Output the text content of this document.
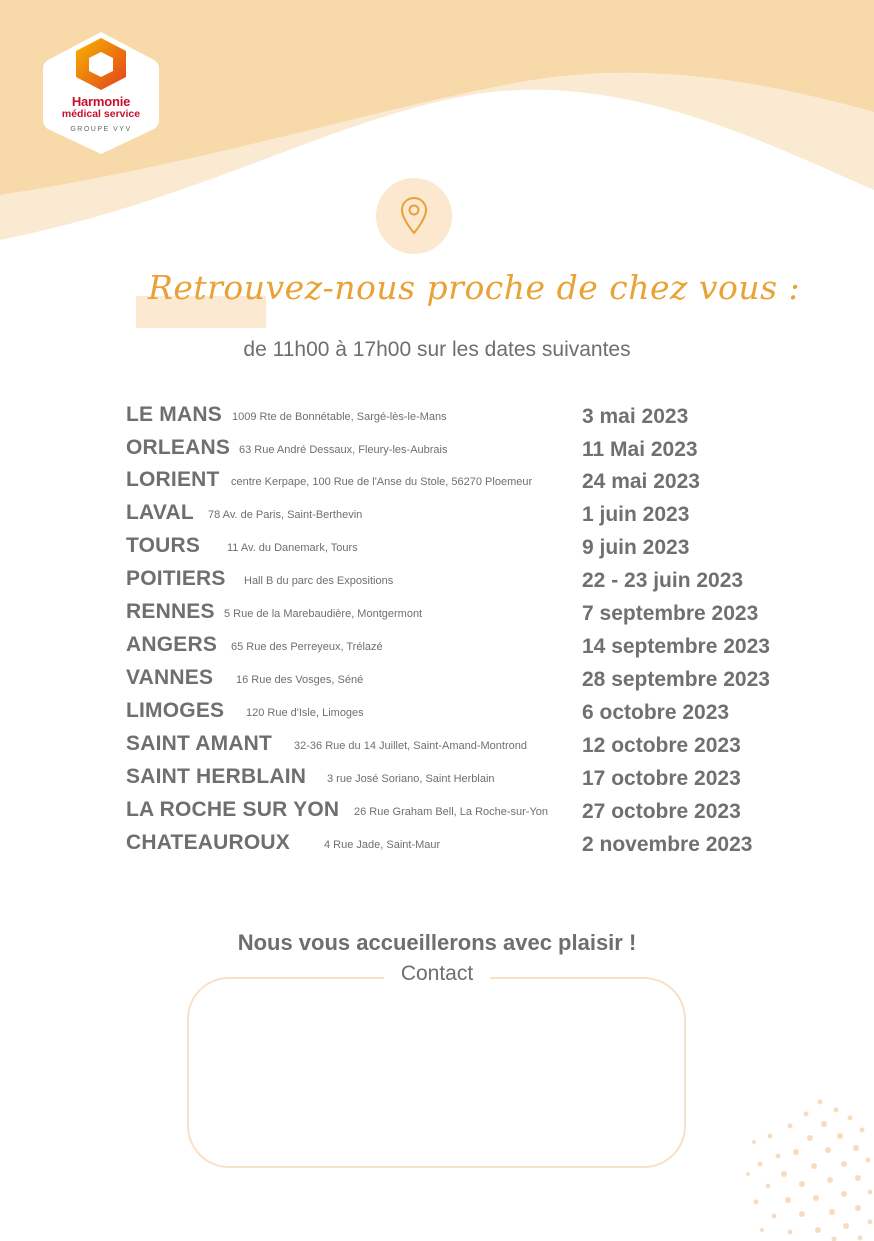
Harmonie
médical service
GROUPE VYV
Retrouvez-nous proche de chez vous :
de 11h00 à 17h00 sur les dates suivantes
LE MANS 1009 Rte de Bonnétable, Sargé-lès-le-Mans	3 mai 2023
ORLEANS 63 Rue André Dessaux, Fleury-les-Aubrais	11 Mai 2023
LORIENT centre Kerpape, 100 Rue de l'Anse du Stole, 56270 Ploemeur 24 mai 2023
LAVAL 78 Av. de Paris, Saint-Berthevin	1 juin 2023
TOURS 11 Av. du Danemark, Tours	9 juin 2023
POITIERS Hall B du parc des Expositions	22 - 23 juin 2023
RENNES 5 Rue de la Marebaudière, Montgermont	7 septembre 2023
ANGERS 65 Rue des Perreyeux, Trélazé	14 septembre 2023
VANNES 16 Rue des Vosges, Séné	28 septembre 2023
LIMOGES 120 Rue d'Isle, Limoges	6 octobre 2023
SAINT AMANT 32-36 Rue du 14 Juillet, Saint-Amand-Montrond	12 octobre 2023
SAINT HERBLAIN 3 rue José Soriano, Saint Herblain	17 octobre 2023
LA ROCHE SUR YON 26 Rue Graham Bell, La Roche-sur-Yon 27 octobre 2023
CHATEAUROUX	4 Rue Jade, Saint-Maur	2 novembre 2023
Nous vous accueillerons avec plaisir !
Contact
